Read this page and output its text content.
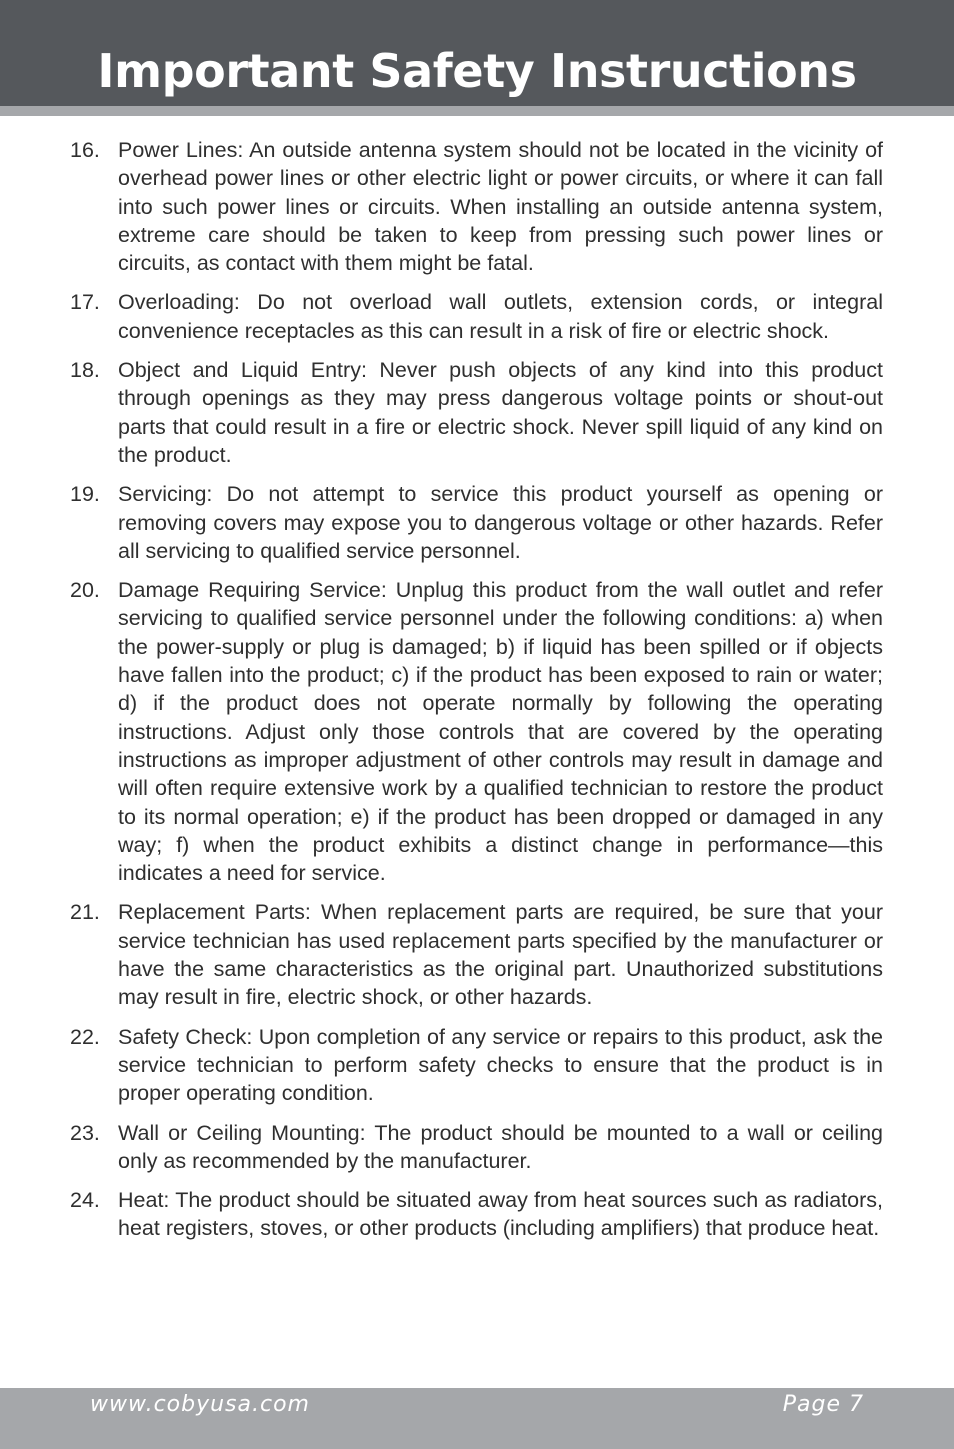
Important Safety Instructions
16. Power Lines: An outside antenna system should not be located in the vicinity of overhead power lines or other electric light or power circuits, or where it can fall into such power lines or circuits. When installing an outside antenna system, extreme care should be taken to keep from pressing such power lines or circuits, as contact with them might be fatal.
17. Overloading: Do not overload wall outlets, extension cords, or integral convenience receptacles as this can result in a risk of fire or electric shock.
18. Object and Liquid Entry: Never push objects of any kind into this product through openings as they may press dangerous voltage points or shout-out parts that could result in a fire or electric shock. Never spill liquid of any kind on the product.
19. Servicing: Do not attempt to service this product yourself as opening or removing covers may expose you to dangerous voltage or other hazards. Refer all servicing to qualified service personnel.
20. Damage Requiring Service: Unplug this product from the wall outlet and refer servicing to qualified service personnel under the following conditions: a) when the power-supply or plug is damaged; b) if liquid has been spilled or if objects have fallen into the product; c) if the product has been exposed to rain or water; d) if the product does not operate normally by following the operating instructions. Adjust only those controls that are covered by the operating instructions as improper adjustment of other controls may result in damage and will often require extensive work by a qualified technician to restore the product to its normal operation; e) if the product has been dropped or damaged in any way; f) when the product exhibits a distinct change in performance—this indicates a need for service.
21. Replacement Parts: When replacement parts are required, be sure that your service technician has used replacement parts specified by the manufacturer or have the same characteristics as the original part. Unauthorized substitutions may result in fire, electric shock, or other hazards.
22. Safety Check: Upon completion of any service or repairs to this product, ask the service technician to perform safety checks to ensure that the product is in proper operating condition.
23. Wall or Ceiling Mounting: The product should be mounted to a wall or ceiling only as recommended by the manufacturer.
24. Heat: The product should be situated away from heat sources such as radiators, heat registers, stoves, or other products (including amplifiers) that produce heat.
www.cobyusa.com	Page 7
